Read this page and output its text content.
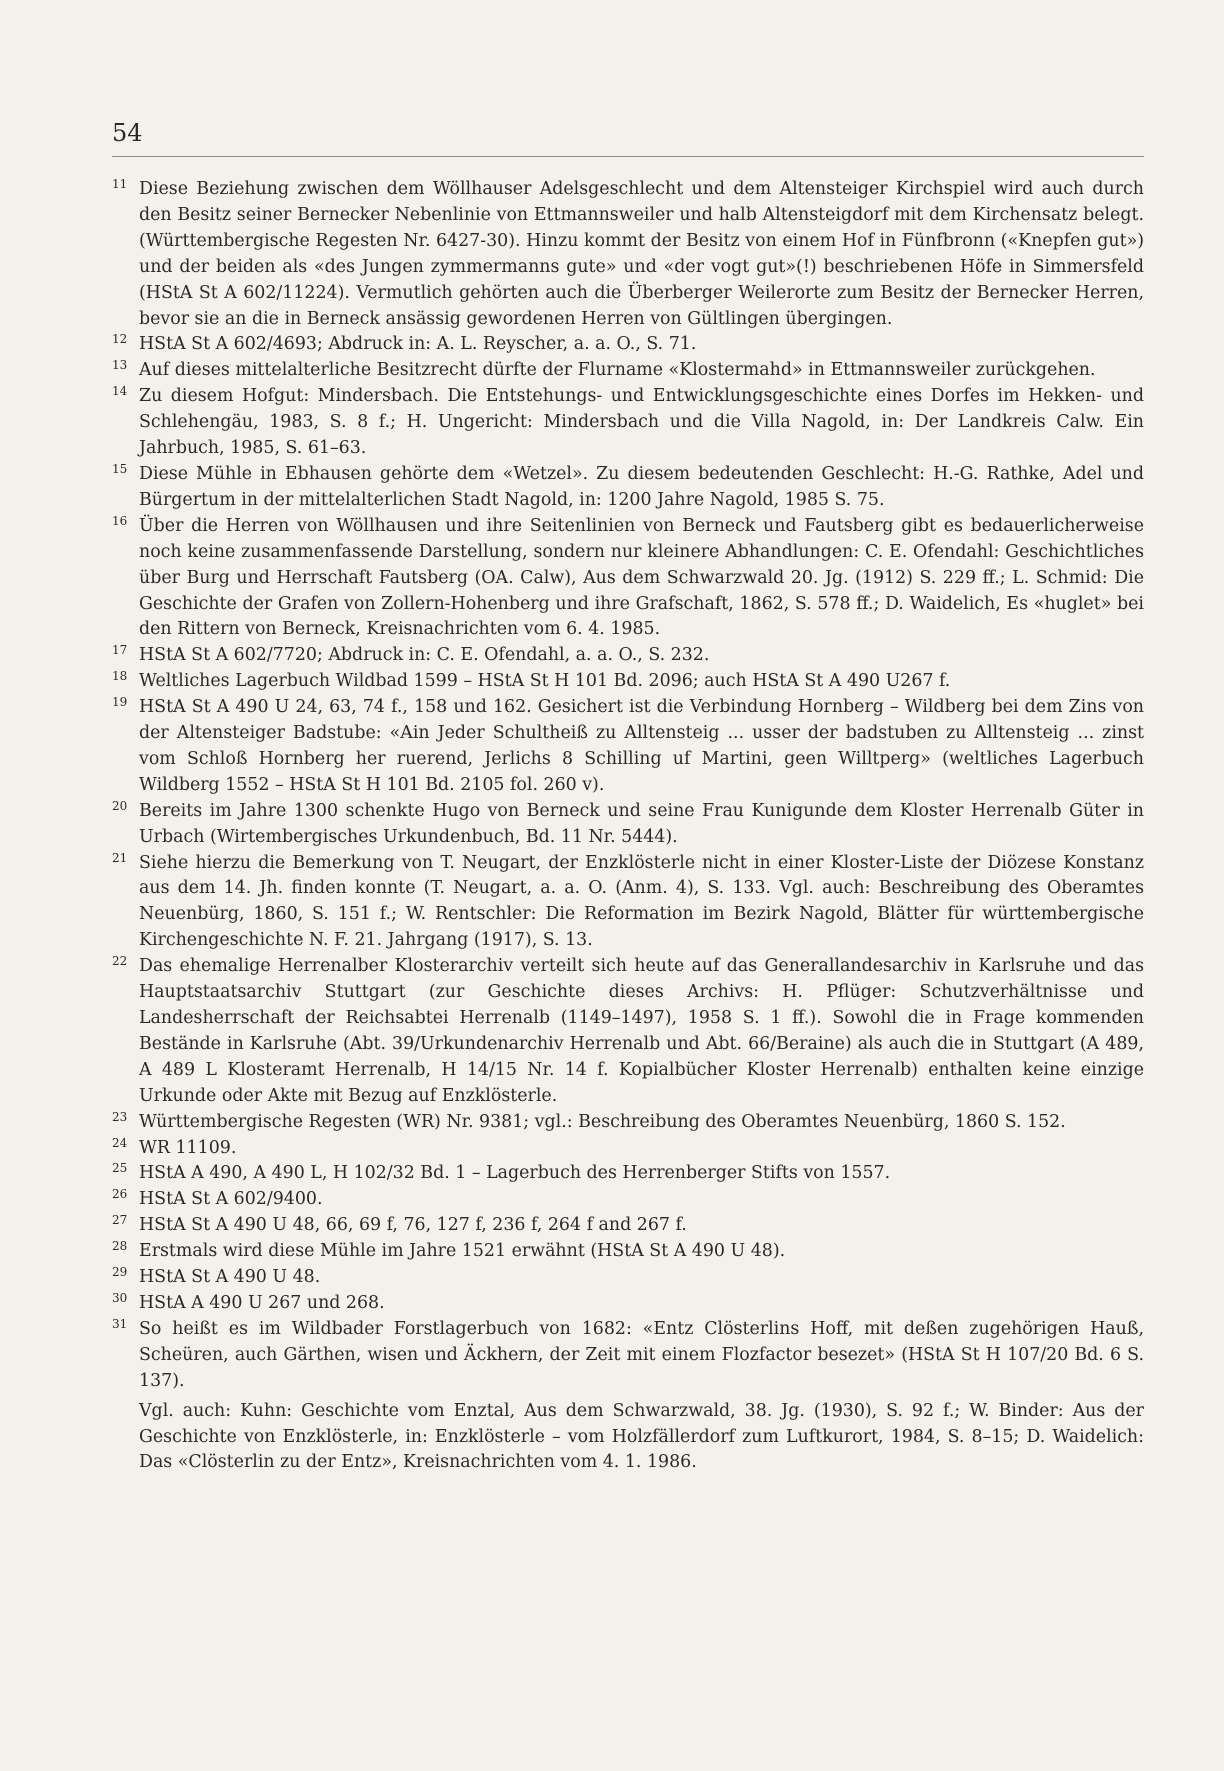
54
11 Diese Beziehung zwischen dem Wöllhauser Adelsgeschlecht und dem Altensteiger Kirchspiel wird auch durch den Besitz seiner Bernecker Nebenlinie von Ettmannsweiler und halb Altensteigdorf mit dem Kirchensatz belegt. (Württembergische Regesten Nr. 6427-30). Hinzu kommt der Besitz von einem Hof in Fünfbronn («Knepfen gut») und der beiden als «des Jungen zymmermanns gute» und «der vogt gut»(!) beschriebenen Höfe in Simmersfeld (HStA St A 602/11224). Vermutlich gehörten auch die Überberger Weilerorte zum Besitz der Bernecker Herren, bevor sie an die in Berneck ansässig gewordenen Herren von Gültlingen übergingen.

12 HStA St A 602/4693; Abdruck in: A. L. Reyscher, a. a. O., S. 71.

13 Auf dieses mittelalterliche Besitzrecht dürfte der Flurname «Klostermahd» in Ettmannsweiler zurückgehen.

14 Zu diesem Hofgut: Mindersbach. Die Entstehungs- und Entwicklungsgeschichte eines Dorfes im Hekken- und Schlehengäu, 1983, S. 8 f.; H. Ungericht: Mindersbach und die Villa Nagold, in: Der Landkreis Calw. Ein Jahrbuch, 1985, S. 61–63.

15 Diese Mühle in Ebhausen gehörte dem «Wetzel». Zu diesem bedeutenden Geschlecht: H.-G. Rathke, Adel und Bürgertum in der mittelalterlichen Stadt Nagold, in: 1200 Jahre Nagold, 1985 S. 75.

16 Über die Herren von Wöllhausen und ihre Seitenlinien von Berneck und Fautsberg gibt es bedauerlicherweise noch keine zusammenfassende Darstellung, sondern nur kleinere Abhandlungen: C. E. Ofendahl: Geschichtliches über Burg und Herrschaft Fautsberg (OA. Calw), Aus dem Schwarzwald 20. Jg. (1912) S. 229 ff.; L. Schmid: Die Geschichte der Grafen von Zollern-Hohenberg und ihre Grafschaft, 1862, S. 578 ff.; D. Waidelich, Es «huglet» bei den Rittern von Berneck, Kreisnachrichten vom 6. 4. 1985.

17 HStA St A 602/7720; Abdruck in: C. E. Ofendahl, a. a. O., S. 232.

18 Weltliches Lagerbuch Wildbad 1599 – HStA St H 101 Bd. 2096; auch HStA St A 490 U267 f.

19 HStA St A 490 U 24, 63, 74 f., 158 und 162. Gesichert ist die Verbindung Hornberg – Wildberg bei dem Zins von der Altensteiger Badstube: «Ain Jeder Schultheiß zu Alltensteig ... usser der badstuben zu Alltensteig ... zinst vom Schloß Hornberg her ruerend, Jerlichs 8 Schilling uf Martini, geen Willtperg» (weltliches Lagerbuch Wildberg 1552 – HStA St H 101 Bd. 2105 fol. 260 v).

20 Bereits im Jahre 1300 schenkte Hugo von Berneck und seine Frau Kunigunde dem Kloster Herrenalb Güter in Urbach (Wirtembergisches Urkundenbuch, Bd. 11 Nr. 5444).

21 Siehe hierzu die Bemerkung von T. Neugart, der Enzklösterle nicht in einer Kloster-Liste der Diözese Konstanz aus dem 14. Jh. finden konnte (T. Neugart, a. a. O. (Anm. 4), S. 133. Vgl. auch: Beschreibung des Oberamtes Neuenbürg, 1860, S. 151 f.; W. Rentschler: Die Reformation im Bezirk Nagold, Blätter für württembergische Kirchengeschichte N. F. 21. Jahrgang (1917), S. 13.

22 Das ehemalige Herrenalber Klosterarchiv verteilt sich heute auf das Generallandesarchiv in Karlsruhe und das Hauptstaatsarchiv Stuttgart (zur Geschichte dieses Archivs: H. Pflüger: Schutzverhältnisse und Landesherrschaft der Reichsabtei Herrenalb (1149–1497), 1958 S. 1 ff.). Sowohl die in Frage kommenden Bestände in Karlsruhe (Abt. 39/Urkundenarchiv Herrenalb und Abt. 66/Beraine) als auch die in Stuttgart (A 489, A 489 L Klosteramt Herrenalb, H 14/15 Nr. 14 f. Kopialbücher Kloster Herrenalb) enthalten keine einzige Urkunde oder Akte mit Bezug auf Enzklösterle.

23 Württembergische Regesten (WR) Nr. 9381; vgl.: Beschreibung des Oberamtes Neuenbürg, 1860 S. 152.

24 WR 11109.

25 HStA A 490, A 490 L, H 102/32 Bd. 1 – Lagerbuch des Herrenberger Stifts von 1557.

26 HStA St A 602/9400.

27 HStA St A 490 U 48, 66, 69 f, 76, 127 f, 236 f, 264 f and 267 f.

28 Erstmals wird diese Mühle im Jahre 1521 erwähnt (HStA St A 490 U 48).

29 HStA St A 490 U 48.

30 HStA A 490 U 267 und 268.

31 So heißt es im Wildbader Forstlagerbuch von 1682: «Entz Clösterlins Hoff, mit deßen zugehörigen Hauß, Scheüren, auch Gärthen, wisen und Äckhern, der Zeit mit einem Flozfactor besezet» (HStA St H 107/20 Bd. 6 S. 137).

Vgl. auch: Kuhn: Geschichte vom Enztal, Aus dem Schwarzwald, 38. Jg. (1930), S. 92 f.; W. Binder: Aus der Geschichte von Enzklösterle, in: Enzklösterle – vom Holzfällerdorf zum Luftkurort, 1984, S. 8–15; D. Waidelich: Das «Clösterlin zu der Entz», Kreisnachrichten vom 4. 1. 1986.
